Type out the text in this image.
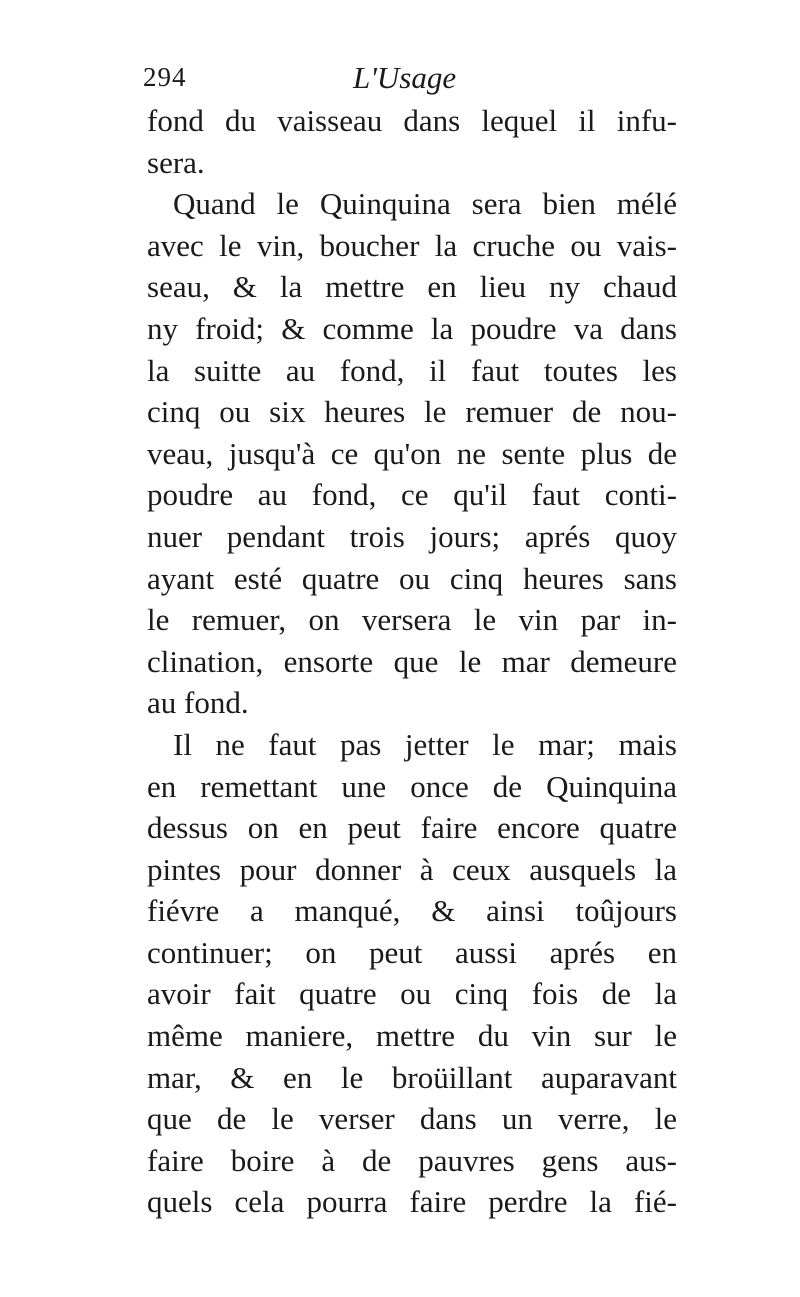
294	L'Usage
fond du vaisseau dans lequel il infu-
sera.
Quand le Quinquina sera bien mélé
avec le vin, boucher la cruche ou vais-
seau, & la mettre en lieu ny chaud
ny froid; & comme la poudre va dans
la suitte au fond, il faut toutes les
cinq ou six heures le remuer de nou-
veau, jusqu'à ce qu'on ne sente plus de
poudre au fond, ce qu'il faut conti-
nuer pendant trois jours; aprés quoy
ayant esté quatre ou cinq heures sans
le remuer, on versera le vin par in-
clination, ensorte que le mar demeure
au fond.
Il ne faut pas jetter le mar; mais
en remettant une once de Quinquina
dessus on en peut faire encore quatre
pintes pour donner à ceux ausquels la
fiévre a manqué, & ainsi toûjours
continuer; on peut aussi aprés en
avoir fait quatre ou cinq fois de la
même maniere, mettre du vin sur le
mar, & en le broüillant auparavant
que de le verser dans un verre, le
faire boire à de pauvres gens aus-
quels cela pourra faire perdre la fié-
